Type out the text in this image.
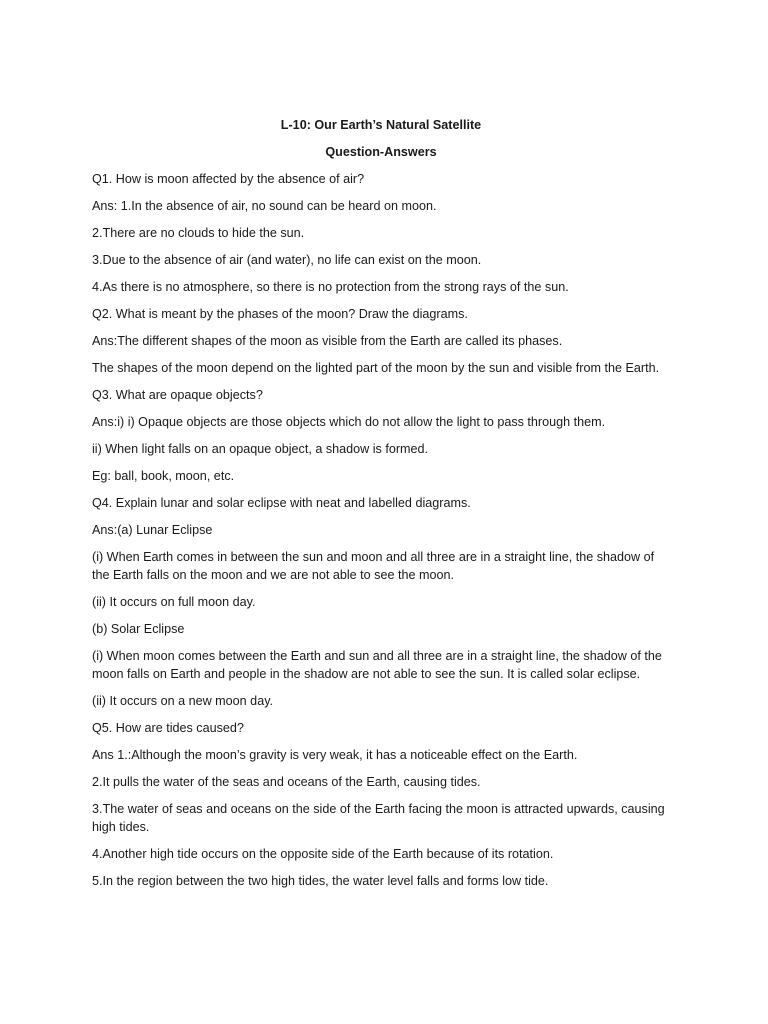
L-10: Our Earth’s Natural Satellite

Question-Answers

Q1. How is moon affected by the absence of air?

Ans: 1.In the absence of air, no sound can be heard on moon.

2.There are no clouds to hide the sun.

3.Due to the absence of air (and water), no life can exist on the moon.

4.As there is no atmosphere, so there is no protection from the strong rays of the sun.

Q2. What is meant by the phases of the moon? Draw the diagrams.

Ans:The different shapes of the moon as visible from the Earth are called its phases.

The shapes of the moon depend on the lighted part of the moon by the sun and visible from the Earth.

Q3. What are opaque objects?

Ans:i) i) Opaque objects are those objects which do not allow the light to pass through them.

ii) When light falls on an opaque object, a shadow is formed.

Eg: ball, book, moon, etc.

Q4. Explain lunar and solar eclipse with neat and labelled diagrams.

Ans:(a) Lunar Eclipse

(i) When Earth comes in between the sun and moon and all three are in a straight line, the shadow of the Earth falls on the moon and we are not able to see the moon.

(ii) It occurs on full moon day.

(b) Solar Eclipse

(i) When moon comes between the Earth and sun and all three are in a straight line, the shadow of the moon falls on Earth and people in the shadow are not able to see the sun. It is called solar eclipse.

(ii) It occurs on a new moon day.

Q5. How are tides caused?

Ans 1.:Although the moon’s gravity is very weak, it has a noticeable effect on the Earth.

2.It pulls the water of the seas and oceans of the Earth, causing tides.

3.The water of seas and oceans on the side of the Earth facing the moon is attracted upwards, causing high tides.

4.Another high tide occurs on the opposite side of the Earth because of its rotation.

5.In the region between the two high tides, the water level falls and forms low tide.
